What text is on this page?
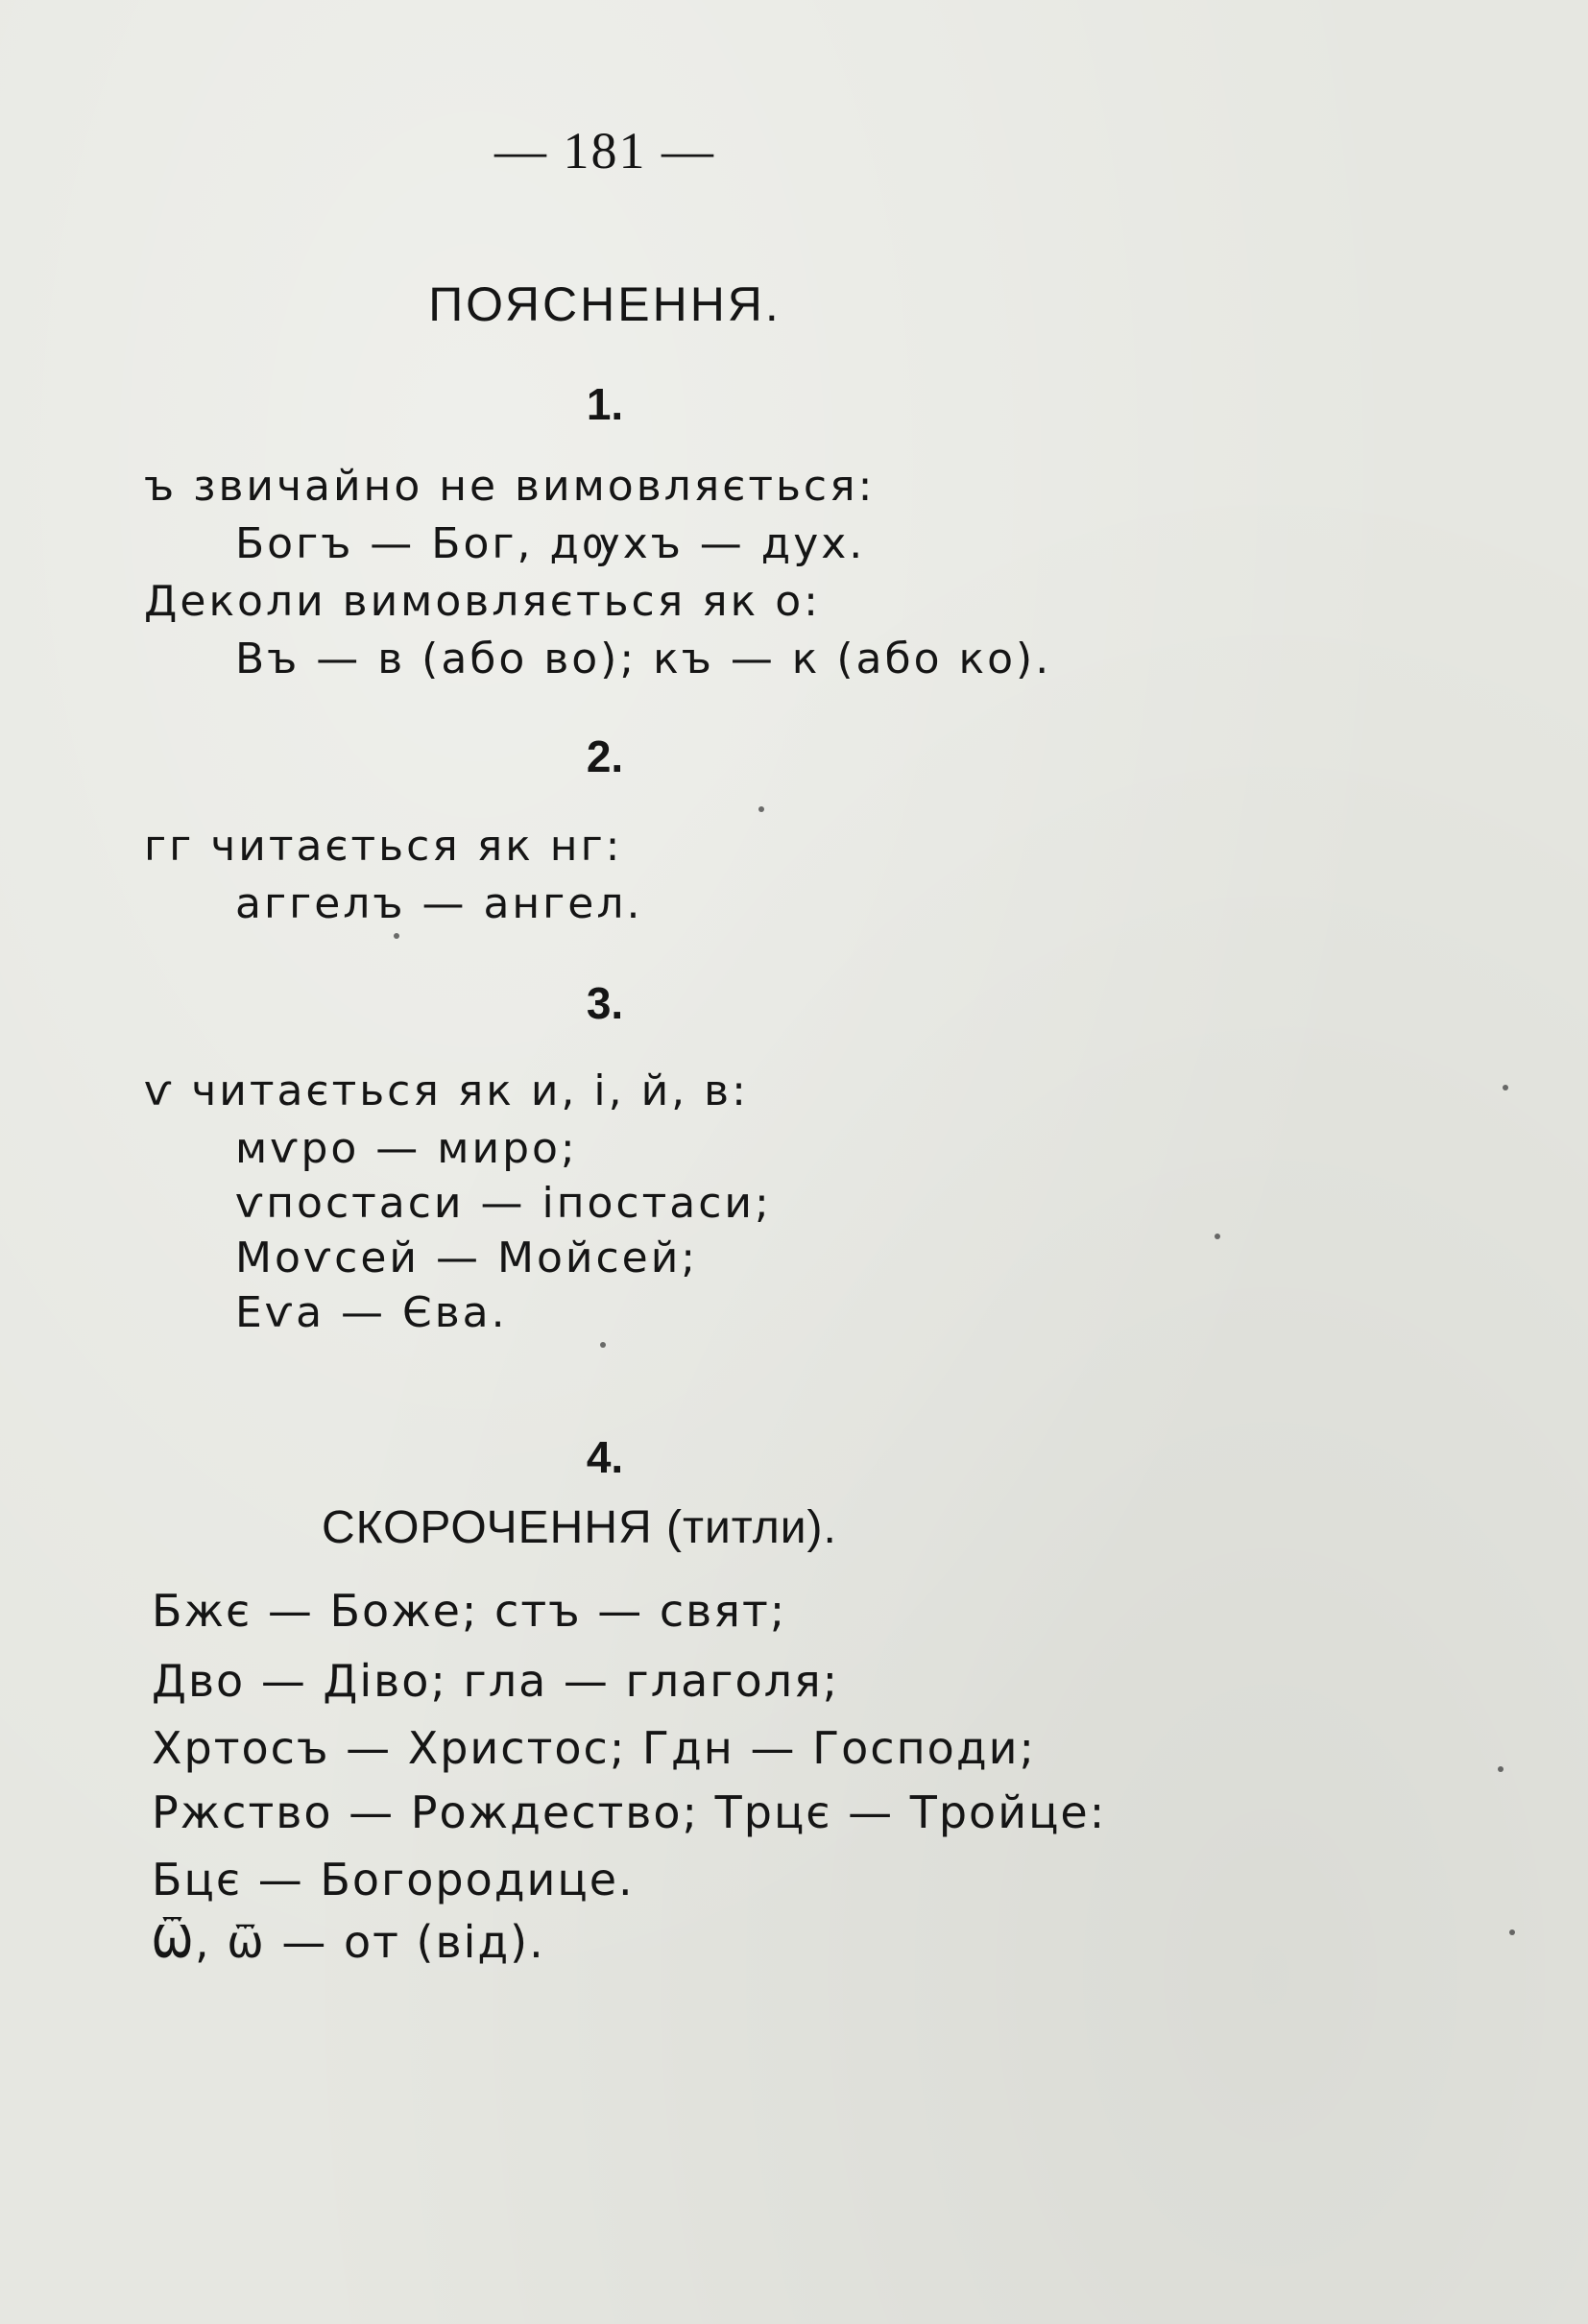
— 181 —
ПОЯСНЕННЯ.
1.
ъ звичайно не вимовляється:
Богъ — Бог, дѹхъ — дух.
Деколи вимовляється як о:
Въ — в (або во); къ — к (або ко).
2.
гг читається як нг:
аггелъ — ангел.
3.
ѵ читається як и, і, й, в:
мѵро — миро;
ѵпостаси — іпостаси;
Моѵсей — Мойсей;
Еѵа — Єва.
4.
СКОРОЧЕННЯ (титли).
Бжє — Боже; стъ — свят;
Дво — Діво; гла — глаголя;
Хртосъ — Христос; Гдн — Господи;
Ржство — Рождество; Трцє — Тройце:
Бцє — Богородице.
Ѿ, ѿ — от (від).
